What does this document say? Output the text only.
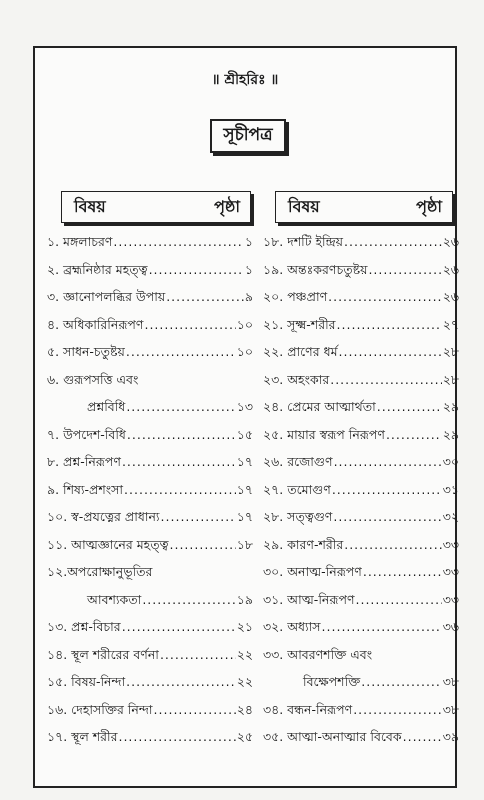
॥ শ্রীহরিঃ ॥
সূচীপত্র
বিষয়	পৃষ্ঠা
১. মঙ্গলাচরণ .....	১
২. ব্রহ্মনিষ্ঠার মহত্ত্ব .....	১
৩. জ্ঞানোপলব্ধির উপায় .....	৯
৪. অধিকারিনিরূপণ .....	১০
৫. সাধন-চতুষ্টয় .....	১০
৬. গুরূপসত্তি এবং
প্রশ্নবিধি .....	১৩
৭. উপদেশ-বিধি .....	১৫
৮. প্রশ্ন-নিরূপণ .....	১৭
৯. শিষ্য-প্রশংসা .....	১৭
১০. স্ব-প্রযত্নের প্রাধান্য .....	১৭
১১. আত্মজ্ঞানের মহত্ত্ব .....	১৮
১২.অপরোক্ষানুভূতির
আবশ্যকতা .....	১৯
১৩. প্রশ্ন-বিচার .....	২১
১৪. স্থূল শরীরের বর্ণনা .....	২২
১৫. বিষয়-নিন্দা .....	২২
১৬. দেহাসক্তির নিন্দা .....	২৪
১৭. স্থূল শরীর .....	২৫
বিষয়	পৃষ্ঠা
১৮. দশটি ইন্দ্রিয় .....	২৬
১৯. অন্তঃকরণচতুষ্টয় .....	২৬
২০. পঞ্চপ্রাণ .....	২৬
২১. সূক্ষ্ম-শরীর .....	২৭
২২. প্রাণের ধর্ম .....	২৮
২৩. অহংকার .....	২৮
২৪. প্রেমের আত্মার্থতা .....	২৯
২৫. মায়ার স্বরূপ নিরূপণ .....	২৯
২৬. রজোগুণ .....	৩০
২৭. তমোগুণ .....	৩১
২৮. সত্ত্বগুণ .....	৩২
২৯. কারণ-শরীর .....	৩৩
৩০. অনাত্ম-নিরূপণ .....	৩৩
৩১. আত্ম-নিরূপণ .....	৩৩
৩২. অধ্যাস .....	৩৬
৩৩. আবরণশক্তি এবং
বিক্ষেপশক্তি .....	৩৮
৩৪. বন্ধন-নিরূপণ .....	৩৮
৩৫. আত্মা-অনাত্মার বিবেক .....	৩৯
